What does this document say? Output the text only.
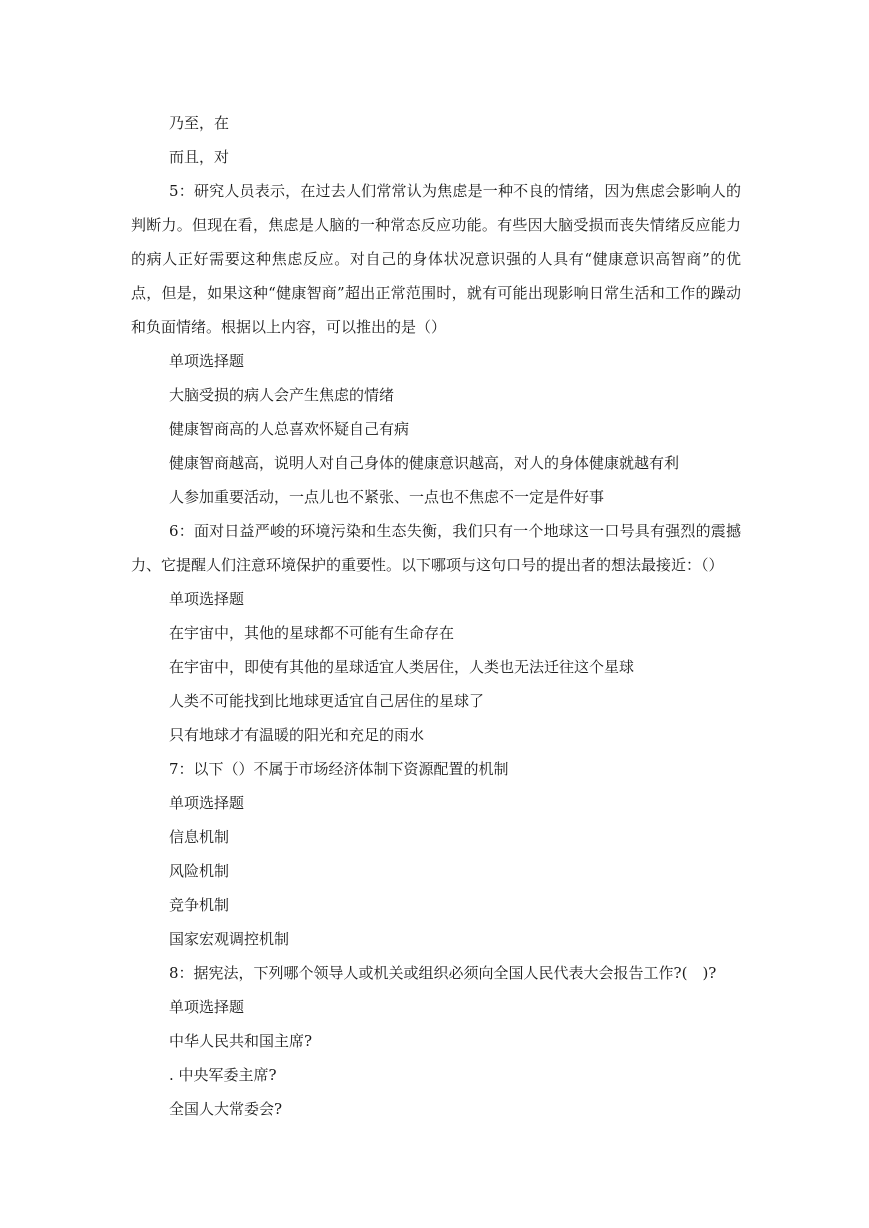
乃至，在

而且，对

5：研究人员表示，在过去人们常常认为焦虑是一种不良的情绪，因为焦虑会影响人的判断力。但现在看，焦虑是人脑的一种常态反应功能。有些因大脑受损而丧失情绪反应能力的病人正好需要这种焦虑反应。对自己的身体状况意识强的人具有“健康意识高智商”的优点，但是，如果这种“健康智商”超出正常范围时，就有可能出现影响日常生活和工作的躁动和负面情绪。根据以上内容，可以推出的是（）

单项选择题

大脑受损的病人会产生焦虑的情绪

健康智商高的人总喜欢怀疑自己有病

健康智商越高，说明人对自己身体的健康意识越高，对人的身体健康就越有利

人参加重要活动，一点儿也不紧张、一点也不焦虑不一定是件好事

6：面对日益严峻的环境污染和生态失衡，我们只有一个地球这一口号具有强烈的震撼力、它提醒人们注意环境保护的重要性。以下哪项与这句口号的提出者的想法最接近：（）

单项选择题

在宇宙中，其他的星球都不可能有生命存在

在宇宙中，即使有其他的星球适宜人类居住，人类也无法迁往这个星球

人类不可能找到比地球更适宜自己居住的星球了

只有地球才有温暖的阳光和充足的雨水

7：以下（）不属于市场经济体制下资源配置的机制

单项选择题

信息机制

风险机制

竞争机制

国家宏观调控机制

8：据宪法，下列哪个领导人或机关或组织必须向全国人民代表大会报告工作?(　)?

单项选择题

中华人民共和国主席?

. 中央军委主席?

全国人大常委会?
